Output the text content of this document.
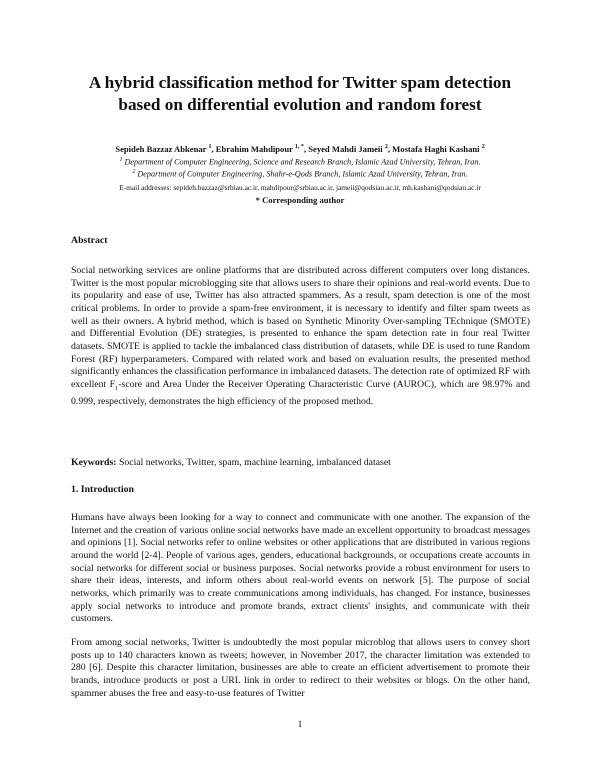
A hybrid classification method for Twitter spam detection
based on differential evolution and random forest
Sepideh Bazzaz Abkenar $^1$, Ebrahim Mahdipour $^{1, *}$, Seyed Mahdi Jameii $^2$, Mostafa Haghi Kashani $^2$
$^1$ Department of Computer Engineering, Science and Research Branch, Islamic Azad University, Tehran, Iran.
$^2$ Department of Computer Engineering, Shahr-e-Qods Branch, Islamic Azad University, Tehran, Iran.
E-mail addresses: sepideh.bazzaz@srbiau.ac.ir, mahdipour@srbiau.ac.ir, jameii@qodsiau.ac.ir, mh.kashani@qodsiau.ac.ir
* Corresponding author
Abstract
Social networking services are online platforms that are distributed across different computers over long distances. Twitter is the most popular microblogging site that allows users to share their opinions and real-world events. Due to its popularity and ease of use, Twitter has also attracted spammers. As a result, spam detection is one of the most critical problems. In order to provide a spam-free environment, it is necessary to identify and filter spam tweets as well as their owners. A hybrid method, which is based on Synthetic Minority Over-sampling TEchnique (SMOTE) and Differential Evolution (DE) strategies, is presented to enhance the spam detection rate in four real Twitter datasets. SMOTE is applied to tackle the imbalanced class distribution of datasets, while DE is used to tune Random Forest (RF) hyperparameters. Compared with related work and based on evaluation results, the presented method significantly enhances the classification performance in imbalanced datasets. The detection rate of optimized RF with excellent $F_1$-score and Area Under the Receiver Operating Characteristic Curve (AUROC), which are 98.97% and 0.999, respectively, demonstrates the high efficiency of the proposed method.
Keywords: Social networks, Twitter, spam, machine learning, imbalanced dataset
1. Introduction
Humans have always been looking for a way to connect and communicate with one another. The expansion of the Internet and the creation of various online social networks have made an excellent opportunity to broadcast messages and opinions [1]. Social networks refer to online websites or other applications that are distributed in various regions around the world [2-4]. People of various ages, genders, educational backgrounds, or occupations create accounts in social networks for different social or business purposes. Social networks provide a robust environment for users to share their ideas, interests, and inform others about real-world events on network [5]. The purpose of social networks, which primarily was to create communications among individuals, has changed. For instance, businesses apply social networks to introduce and promote brands, extract clients' insights, and communicate with their customers.
From among social networks, Twitter is undoubtedly the most popular microblog that allows users to convey short posts up to 140 characters known as tweets; however, in November 2017, the character limitation was extended to 280 [6]. Despite this character limitation, businesses are able to create an efficient advertisement to promote their brands, introduce products or post a URL link in order to redirect to their websites or blogs. On the other hand, spammer abuses the free and easy-to-use features of Twitter
1
